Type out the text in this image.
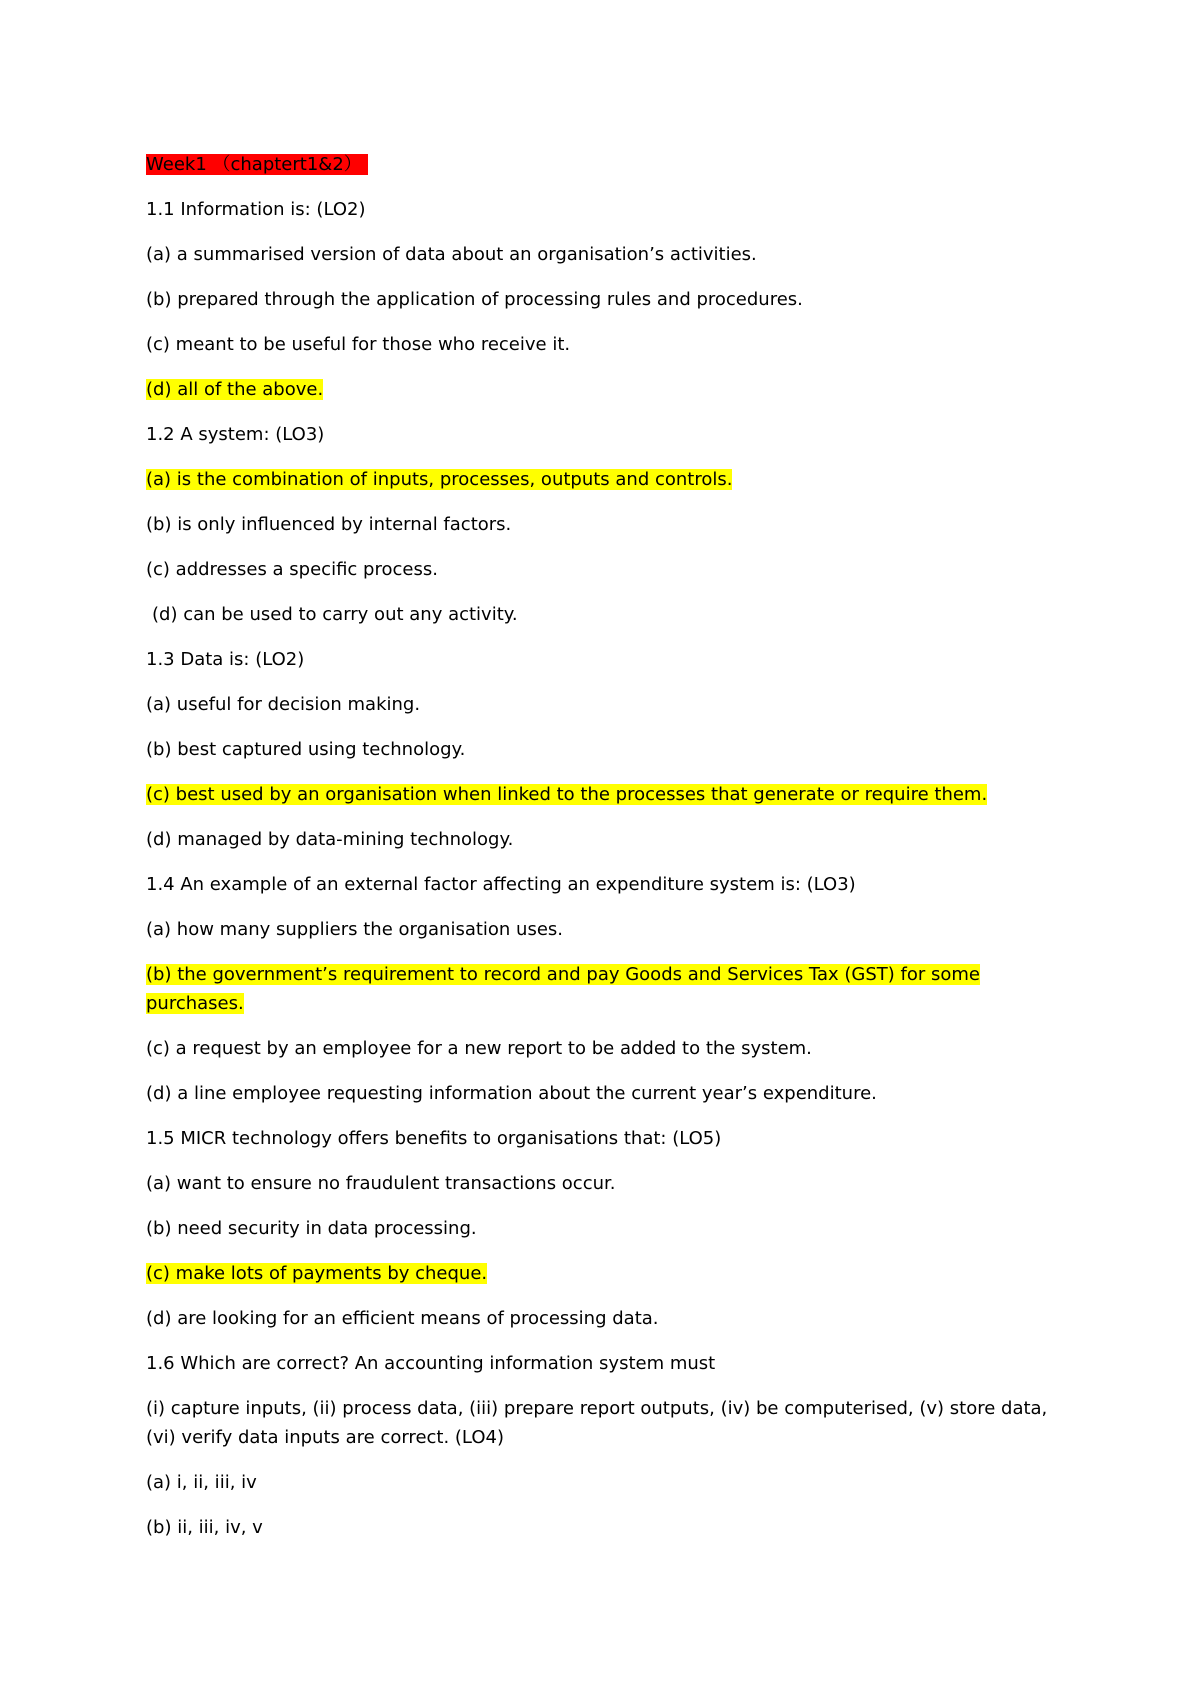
Week1 （chaptert1&2）

1.1 Information is: (LO2)

(a) a summarised version of data about an organisation’s activities.

(b) prepared through the application of processing rules and procedures.

(c) meant to be useful for those who receive it.

(d) all of the above.

1.2 A system: (LO3)

(a) is the combination of inputs, processes, outputs and controls.

(b) is only influenced by internal factors.

(c) addresses a specific process.

(d) can be used to carry out any activity.

1.3 Data is: (LO2)

(a) useful for decision making.

(b) best captured using technology.

(c) best used by an organisation when linked to the processes that generate or require them.

(d) managed by data-mining technology.

1.4 An example of an external factor affecting an expenditure system is: (LO3)

(a) how many suppliers the organisation uses.

(b) the government’s requirement to record and pay Goods and Services Tax (GST) for some purchases.

(c) a request by an employee for a new report to be added to the system.

(d) a line employee requesting information about the current year’s expenditure.

1.5 MICR technology offers benefits to organisations that: (LO5)

(a) want to ensure no fraudulent transactions occur.

(b) need security in data processing.

(c) make lots of payments by cheque.

(d) are looking for an efficient means of processing data.

1.6 Which are correct? An accounting information system must

(i) capture inputs, (ii) process data, (iii) prepare report outputs, (iv) be computerised, (v) store data, (vi) verify data inputs are correct. (LO4)

(a) i, ii, iii, iv

(b) ii, iii, iv, v
